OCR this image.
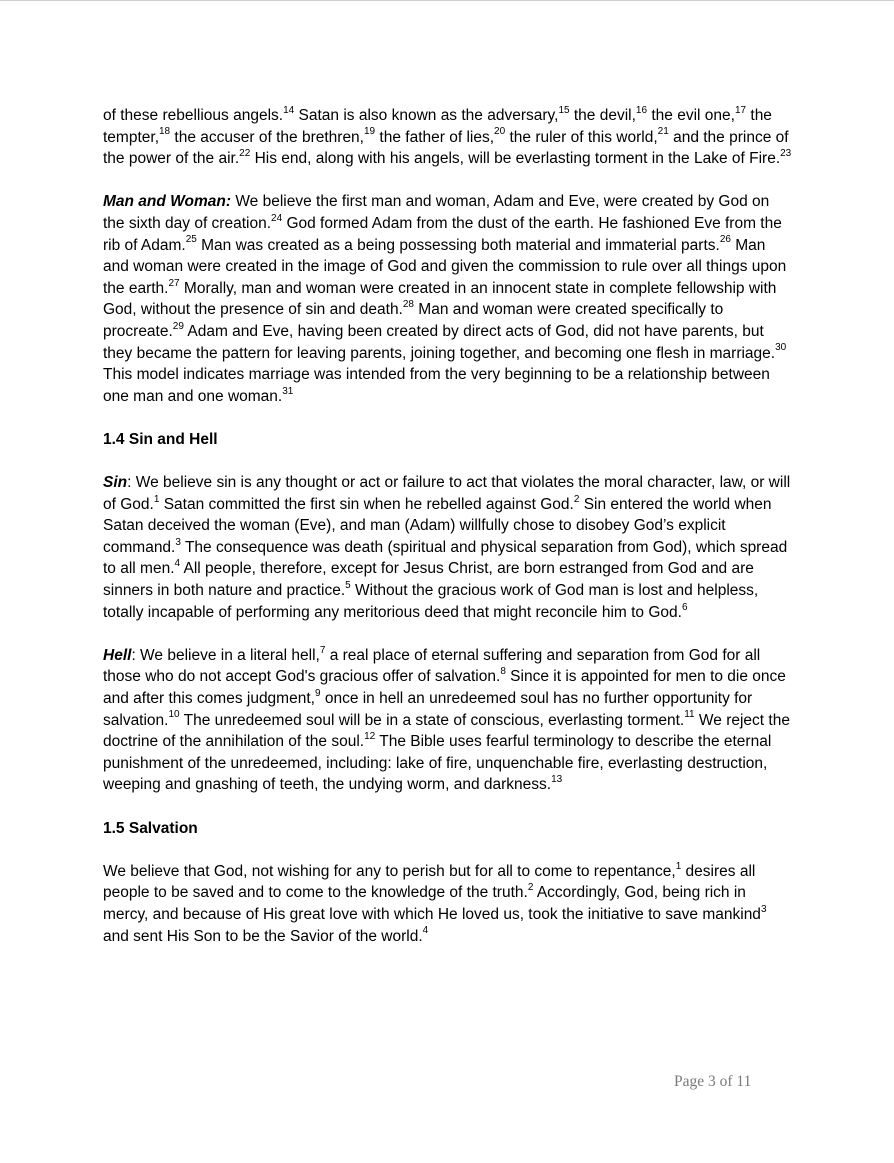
of these rebellious angels.$^{14}$ Satan is also known as the adversary,$^{15}$ the devil,$^{16}$ the evil one,$^{17}$ the tempter,$^{18}$ the accuser of the brethren,$^{19}$ the father of lies,$^{20}$ the ruler of this world,$^{21}$ and the prince of the power of the air.$^{22}$ His end, along with his angels, will be everlasting torment in the Lake of Fire.$^{23}$

Man and Woman: We believe the first man and woman, Adam and Eve, were created by God on the sixth day of creation.$^{24}$ God formed Adam from the dust of the earth. He fashioned Eve from the rib of Adam.$^{25}$ Man was created as a being possessing both material and immaterial parts.$^{26}$ Man and woman were created in the image of God and given the commission to rule over all things upon the earth.$^{27}$ Morally, man and woman were created in an innocent state in complete fellowship with God, without the presence of sin and death.$^{28}$ Man and woman were created specifically to procreate.$^{29}$ Adam and Eve, having been created by direct acts of God, did not have parents, but they became the pattern for leaving parents, joining together, and becoming one flesh in marriage.$^{30}$ This model indicates marriage was intended from the very beginning to be a relationship between one man and one woman.$^{31}$

1.4 Sin and Hell

Sin: We believe sin is any thought or act or failure to act that violates the moral character, law, or will of God.$^1$ Satan committed the first sin when he rebelled against God.$^2$ Sin entered the world when Satan deceived the woman (Eve), and man (Adam) willfully chose to disobey God’s explicit command.$^3$ The consequence was death (spiritual and physical separation from God), which spread to all men.$^4$ All people, therefore, except for Jesus Christ, are born estranged from God and are sinners in both nature and practice.$^5$ Without the gracious work of God man is lost and helpless, totally incapable of performing any meritorious deed that might reconcile him to God.$^6$

Hell: We believe in a literal hell,$^7$ a real place of eternal suffering and separation from God for all those who do not accept God's gracious offer of salvation.$^8$ Since it is appointed for men to die once and after this comes judgment,$^9$ once in hell an unredeemed soul has no further opportunity for salvation.$^{10}$ The unredeemed soul will be in a state of conscious, everlasting torment.$^{11}$ We reject the doctrine of the annihilation of the soul.$^{12}$ The Bible uses fearful terminology to describe the eternal punishment of the unredeemed, including: lake of fire, unquenchable fire, everlasting destruction, weeping and gnashing of teeth, the undying worm, and darkness.$^{13}$

1.5 Salvation

We believe that God, not wishing for any to perish but for all to come to repentance,$^1$ desires all people to be saved and to come to the knowledge of the truth.$^2$ Accordingly, God, being rich in mercy, and because of His great love with which He loved us, took the initiative to save mankind$^3$ and sent His Son to be the Savior of the world.$^4$

Page 3 of 11
